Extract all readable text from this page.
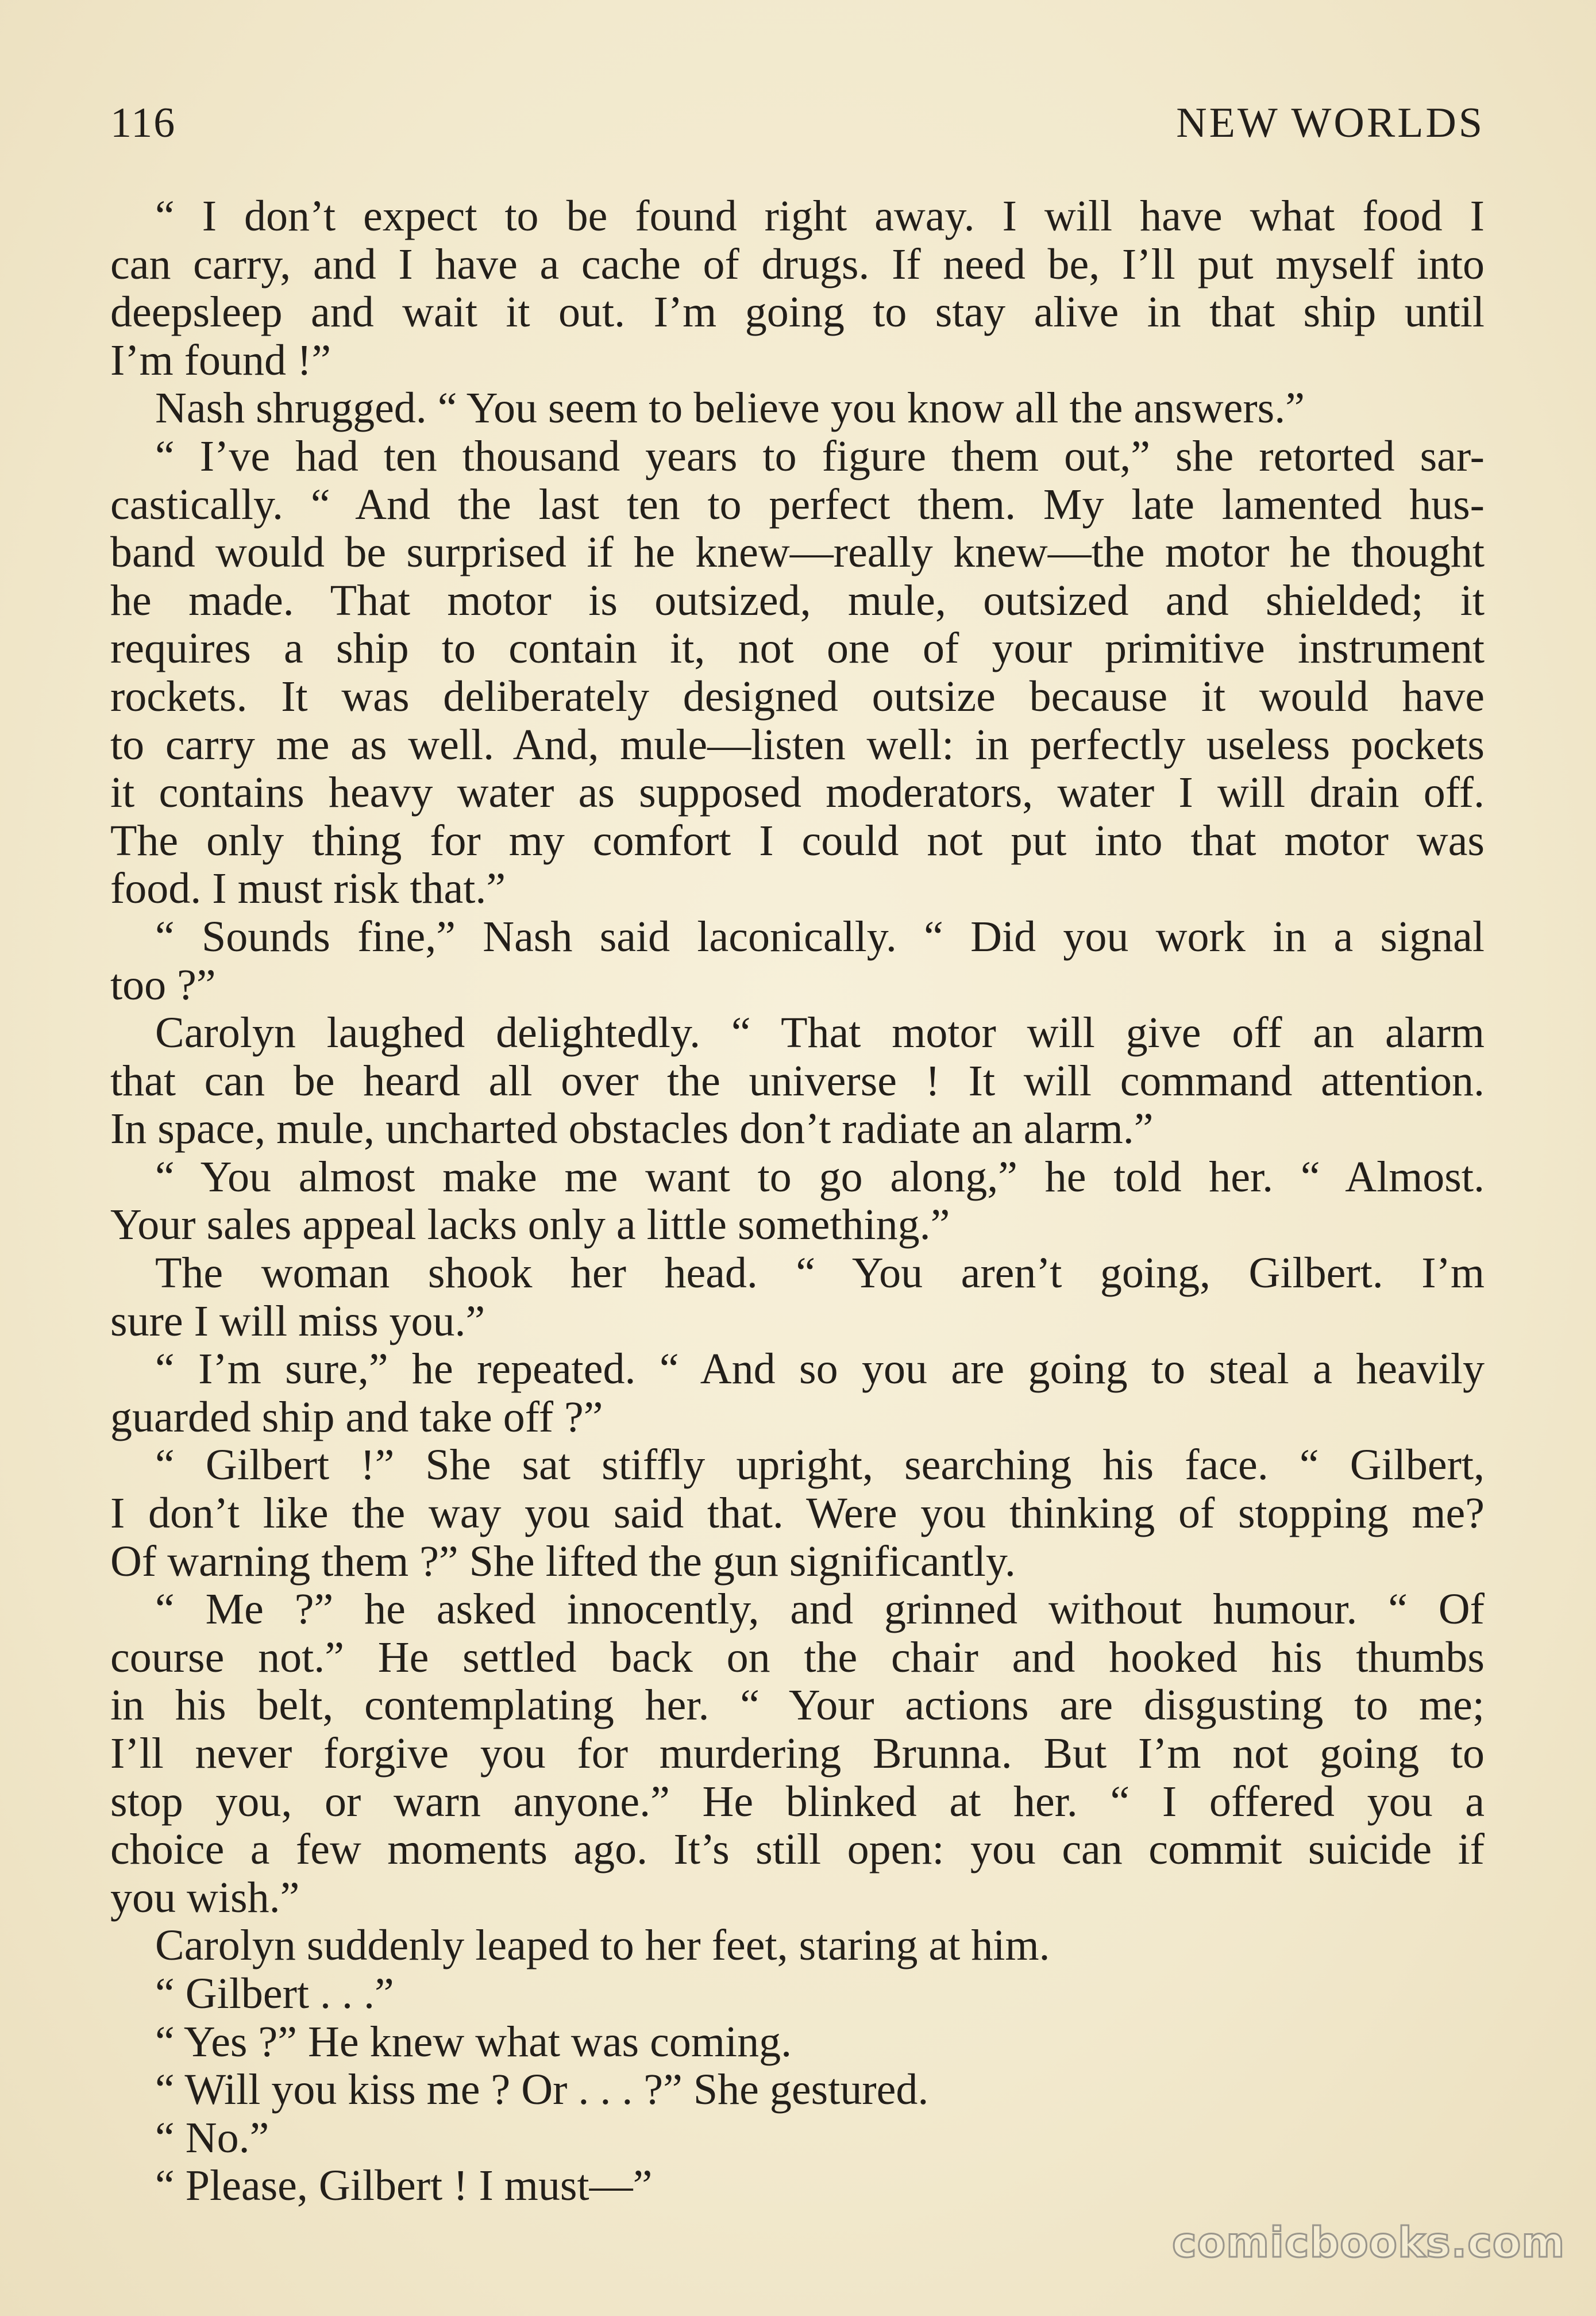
116	NEW WORLDS
“ I don’t expect to be found right away. I will have what food I
can carry, and I have a cache of drugs. If need be, I’ll put myself into
deepsleep and wait it out. I’m going to stay alive in that ship until
I’m found !”
Nash shrugged. “ You seem to believe you know all the answers.”
“ I’ve had ten thousand years to figure them out,” she retorted sar-
castically. “ And the last ten to perfect them. My late lamented hus-
band would be surprised if he knew—really knew—the motor he thought
he made. That motor is outsized, mule, outsized and shielded; it
requires a ship to contain it, not one of your primitive instrument
rockets. It was deliberately designed outsize because it would have
to carry me as well. And, mule—listen well: in perfectly useless pockets
it contains heavy water as supposed moderators, water I will drain off.
The only thing for my comfort I could not put into that motor was
food. I must risk that.”
“ Sounds fine,” Nash said laconically. “ Did you work in a signal
too ?”
Carolyn laughed delightedly. “ That motor will give off an alarm
that can be heard all over the universe ! It will command attention.
In space, mule, uncharted obstacles don’t radiate an alarm.”
“ You almost make me want to go along,” he told her. “ Almost.
Your sales appeal lacks only a little something.”
The woman shook her head. “ You aren’t going, Gilbert. I’m
sure I will miss you.”
“ I’m sure,” he repeated. “ And so you are going to steal a heavily
guarded ship and take off ?”
“ Gilbert !” She sat stiffly upright, searching his face. “ Gilbert,
I don’t like the way you said that. Were you thinking of stopping me?
Of warning them ?” She lifted the gun significantly.
“ Me ?” he asked innocently, and grinned without humour. “ Of
course not.” He settled back on the chair and hooked his thumbs
in his belt, contemplating her. “ Your actions are disgusting to me;
I’ll never forgive you for murdering Brunna. But I’m not going to
stop you, or warn anyone.” He blinked at her. “ I offered you a
choice a few moments ago. It’s still open: you can commit suicide if
you wish.”
Carolyn suddenly leaped to her feet, staring at him.
“ Gilbert . . .”
“ Yes ?” He knew what was coming.
“ Will you kiss me ? Or . . . ?” She gestured.
“ No.”
“ Please, Gilbert ! I must—”
comicbooks.com
